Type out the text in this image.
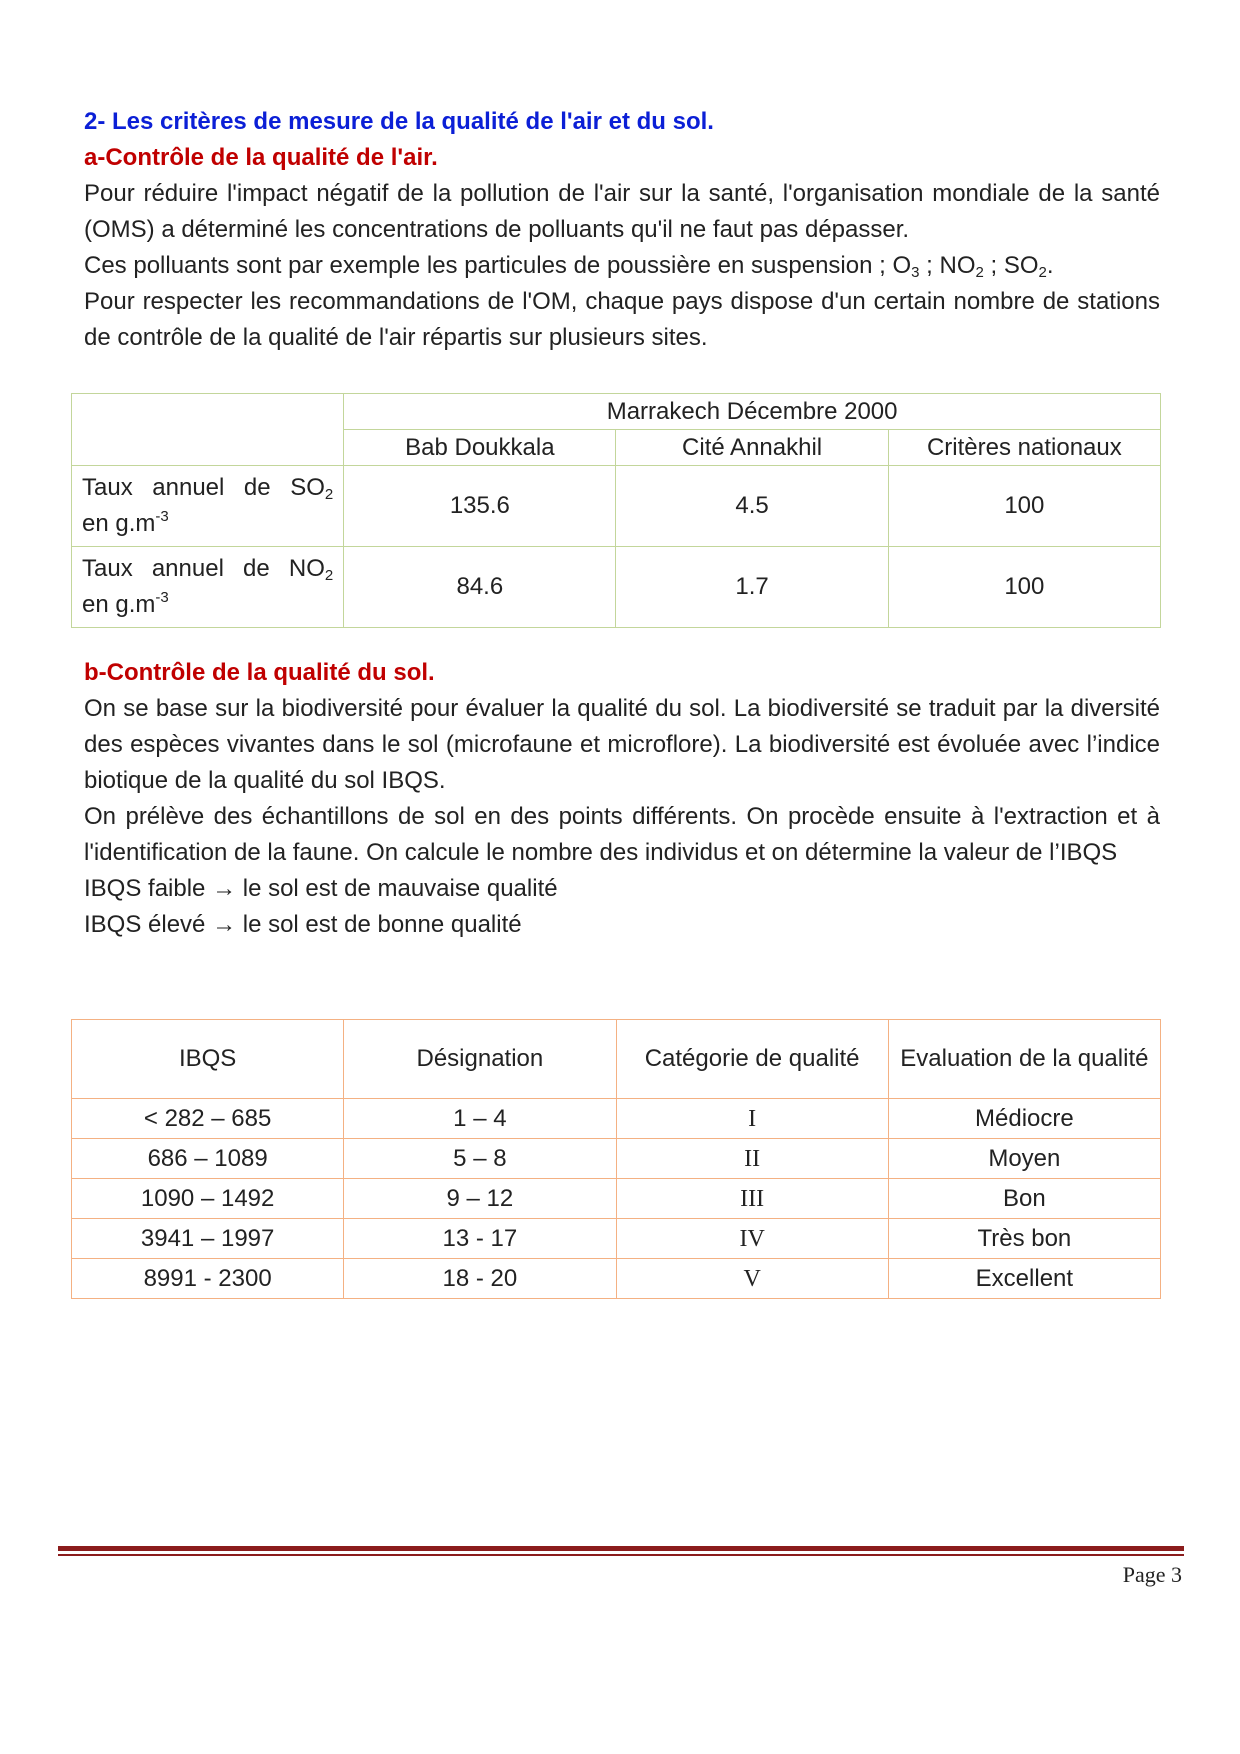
2- Les critères de mesure de la qualité de l'air et du sol.
a-Contrôle de la qualité de l'air.

Pour réduire l'impact négatif de la pollution de l'air sur la santé, l'organisation mondiale de la santé (OMS) a déterminé les concentrations de polluants qu'il ne faut pas dépasser.

Ces polluants sont par exemple les particules de poussière en suspension ; $O_3$ ; $NO_2$ ; $SO_2$.

Pour respecter les recommandations de l'OM, chaque pays dispose d'un certain nombre de stations de contrôle de la qualité de l'air répartis sur plusieurs sites.

	Marrakech Décembre 2000		
	Bab Doukkala	Cité Annakhil	Critères nationaux

Taux annuel de $SO_2$
en $g.m^{-3}$	135.6	4.5	100

Taux annuel de $NO_2$
en $g.m^{-3}$	84.6	1.7	100
b-Contrôle de la qualité du sol.

On se base sur la biodiversité pour évaluer la qualité du sol. La biodiversité se traduit par la diversité des espèces vivantes dans le sol (microfaune et microflore). La biodiversité est évoluée avec l’indice biotique de la qualité du sol IBQS.

On prélève des échantillons de sol en des points différents. On procède ensuite à l'extraction et à l'identification de la faune. On calcule le nombre des individus et on détermine la valeur de l’IBQS

IBQS faible → le sol est de mauvaise qualité

IBQS élevé → le sol est de bonne qualité

IBQS	Désignation	Catégorie de qualité	Evaluation de la qualité
< 282 – 685	1 – 4	I	Médiocre
686 – 1089	5 – 8	II	Moyen
1090 – 1492	9 – 12	III	Bon
3941 – 1997	13 - 17	IV	Très bon
8991 - 2300	18 - 20	V	Excellent
Page 3
